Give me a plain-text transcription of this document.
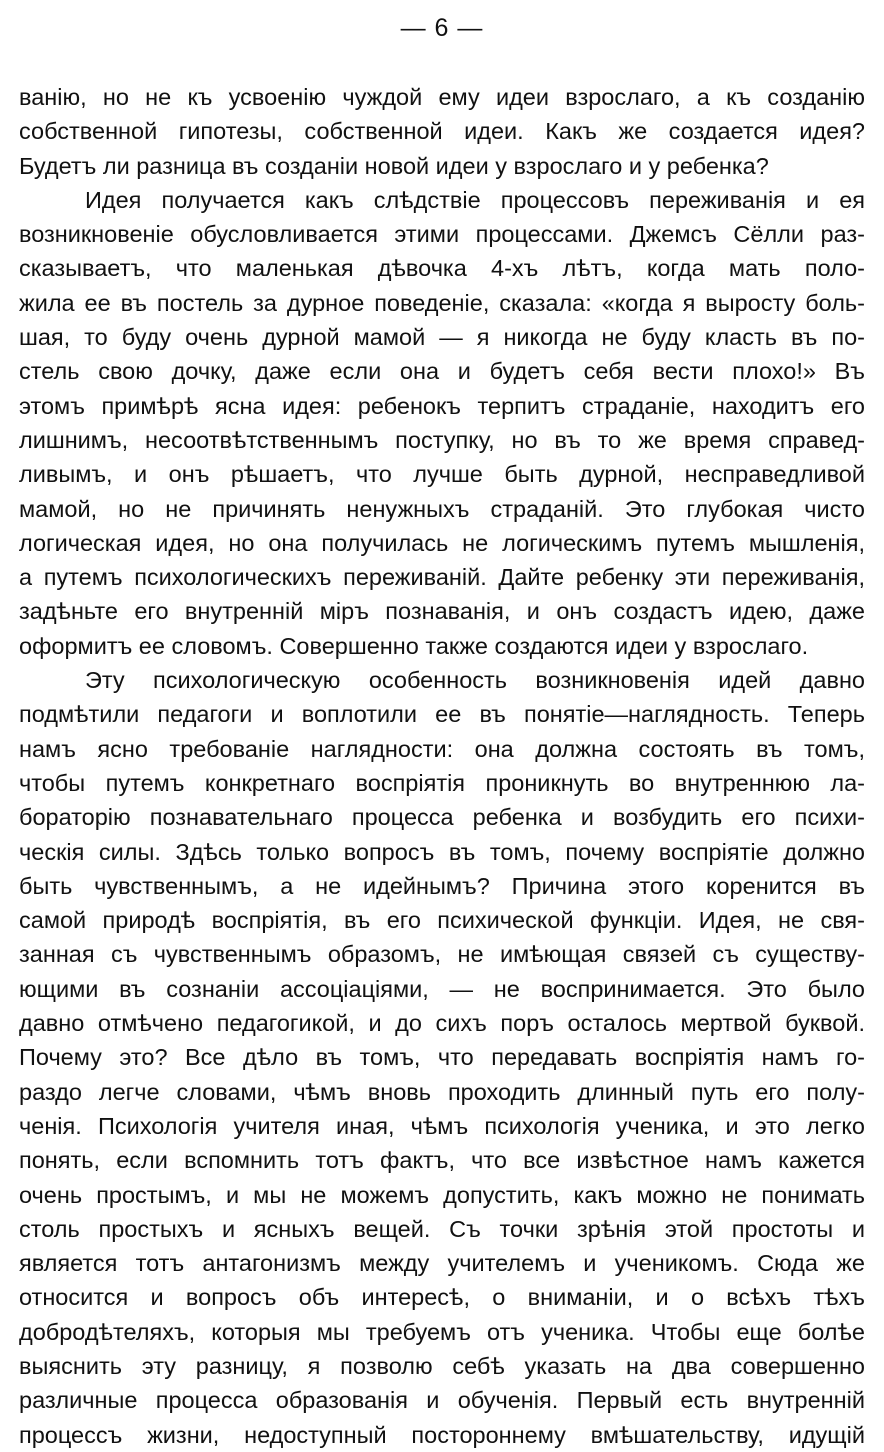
— 6 —
ванію, но не къ усвоенію чуждой ему идеи взрослаго, а къ созданію
собственной гипотезы, собственной идеи. Какъ же создается идея?
Будетъ ли разница въ созданіи новой идеи у взрослаго и у ребенка?
Идея получается какъ слѣдствіе процессовъ переживанія и ея
возникновеніе обусловливается этими процессами. Джемсъ Сёлли раз-
сказываетъ, что маленькая дѣвочка 4-хъ лѣтъ, когда мать поло-
жила ее въ постель за дурное поведеніе, сказала: «когда я выросту боль-
шая, то буду очень дурной мамой — я никогда не буду класть въ по-
стель свою дочку, даже если она и будетъ себя вести плохо!» Въ
этомъ примѣрѣ ясна идея: ребенокъ терпитъ страданіе, находитъ его
лишнимъ, несоотвѣтственнымъ поступку, но въ то же время справед-
ливымъ, и онъ рѣшаетъ, что лучше быть дурной, несправедливой
мамой, но не причинять ненужныхъ страданій. Это глубокая чисто
логическая идея, но она получилась не логическимъ путемъ мышленія,
а путемъ психологическихъ переживаній. Дайте ребенку эти переживанія,
задѣньте его внутренній міръ познаванія, и онъ создастъ идею, даже
оформитъ ее словомъ. Совершенно также создаются идеи у взрослаго.
Эту психологическую особенность возникновенія идей давно
подмѣтили педагоги и воплотили ее въ понятіе—наглядность. Теперь
намъ ясно требованіе наглядности: она должна состоять въ томъ,
чтобы путемъ конкретнаго воспріятія проникнуть во внутреннюю ла-
бораторію познавательнаго процесса ребенка и возбудить его психи-
ческія силы. Здѣсь только вопросъ въ томъ, почему воспріятіе должно
быть чувственнымъ, а не идейнымъ? Причина этого коренится въ
самой природѣ воспріятія, въ его психической функціи. Идея, не свя-
занная съ чувственнымъ образомъ, не имѣющая связей съ существу-
ющими въ сознаніи ассоціаціями, — не воспринимается. Это было
давно отмѣчено педагогикой, и до сихъ поръ осталось мертвой буквой.
Почему это? Все дѣло въ томъ, что передавать воспріятія намъ го-
раздо легче словами, чѣмъ вновь проходить длинный путь его полу-
ченія. Психологія учителя иная, чѣмъ психологія ученика, и это легко
понять, если вспомнить тотъ фактъ, что все извѣстное намъ кажется
очень простымъ, и мы не можемъ допустить, какъ можно не понимать
столь простыхъ и ясныхъ вещей. Съ точки зрѣнія этой простоты и
является тотъ антагонизмъ между учителемъ и ученикомъ. Сюда же
относится и вопросъ объ интересѣ, о вниманіи, и о всѣхъ тѣхъ
добродѣтеляхъ, которыя мы требуемъ отъ ученика. Чтобы еще болѣе
выяснить эту разницу, я позволю себѣ указать на два совершенно
различные процесса образованія и обученія. Первый есть внутренній
процессъ жизни, недоступный постороннему вмѣшательству, идущій
